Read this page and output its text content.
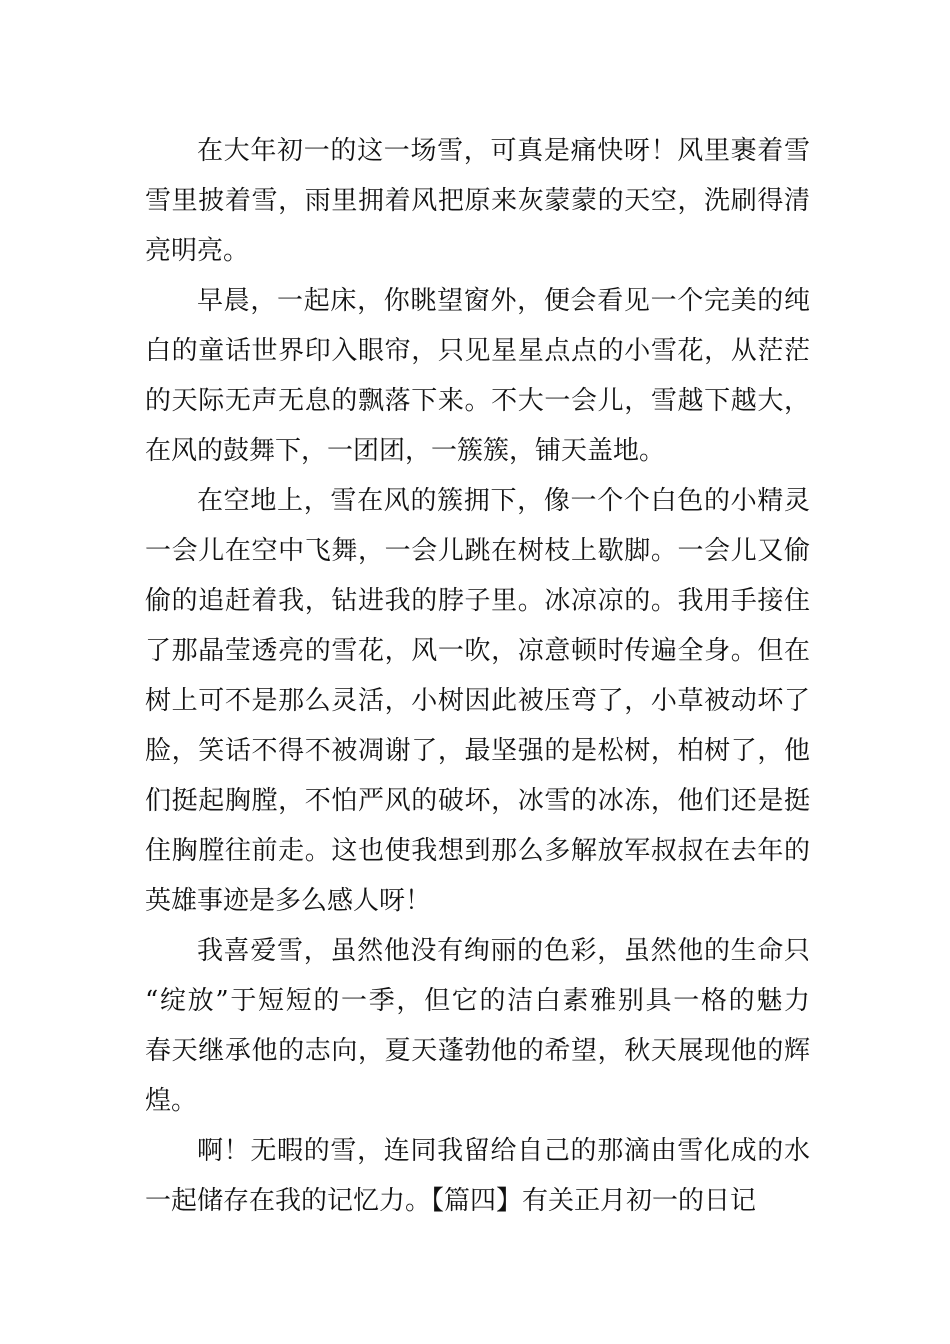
在大年初一的这一场雪，可真是痛快呀！风里裹着雪
雪里披着雪，雨里拥着风把原来灰蒙蒙的天空，洗刷得清
亮明亮。
早晨，一起床，你眺望窗外，便会看见一个完美的纯
白的童话世界印入眼帘，只见星星点点的小雪花，从茫茫
的天际无声无息的飘落下来。不大一会儿，雪越下越大，
在风的鼓舞下，一团团，一簇簇，铺天盖地。
在空地上，雪在风的簇拥下，像一个个白色的小精灵
一会儿在空中飞舞，一会儿跳在树枝上歇脚。一会儿又偷
偷的追赶着我，钻进我的脖子里。冰凉凉的。我用手接住
了那晶莹透亮的雪花，风一吹，凉意顿时传遍全身。但在
树上可不是那么灵活，小树因此被压弯了，小草被动坏了
脸，笑话不得不被凋谢了，最坚强的是松树，柏树了，他
们挺起胸膛，不怕严风的破坏，冰雪的冰冻，他们还是挺
住胸膛往前走。这也使我想到那么多解放军叔叔在去年的
英雄事迹是多么感人呀！
我喜爱雪，虽然他没有绚丽的色彩，虽然他的生命只
“绽放”于短短的一季，但它的洁白素雅别具一格的魅力
春天继承他的志向，夏天蓬勃他的希望，秋天展现他的辉
煌。
啊！无暇的雪，连同我留给自己的那滴由雪化成的水
一起储存在我的记忆力。【篇四】有关正月初一的日记
